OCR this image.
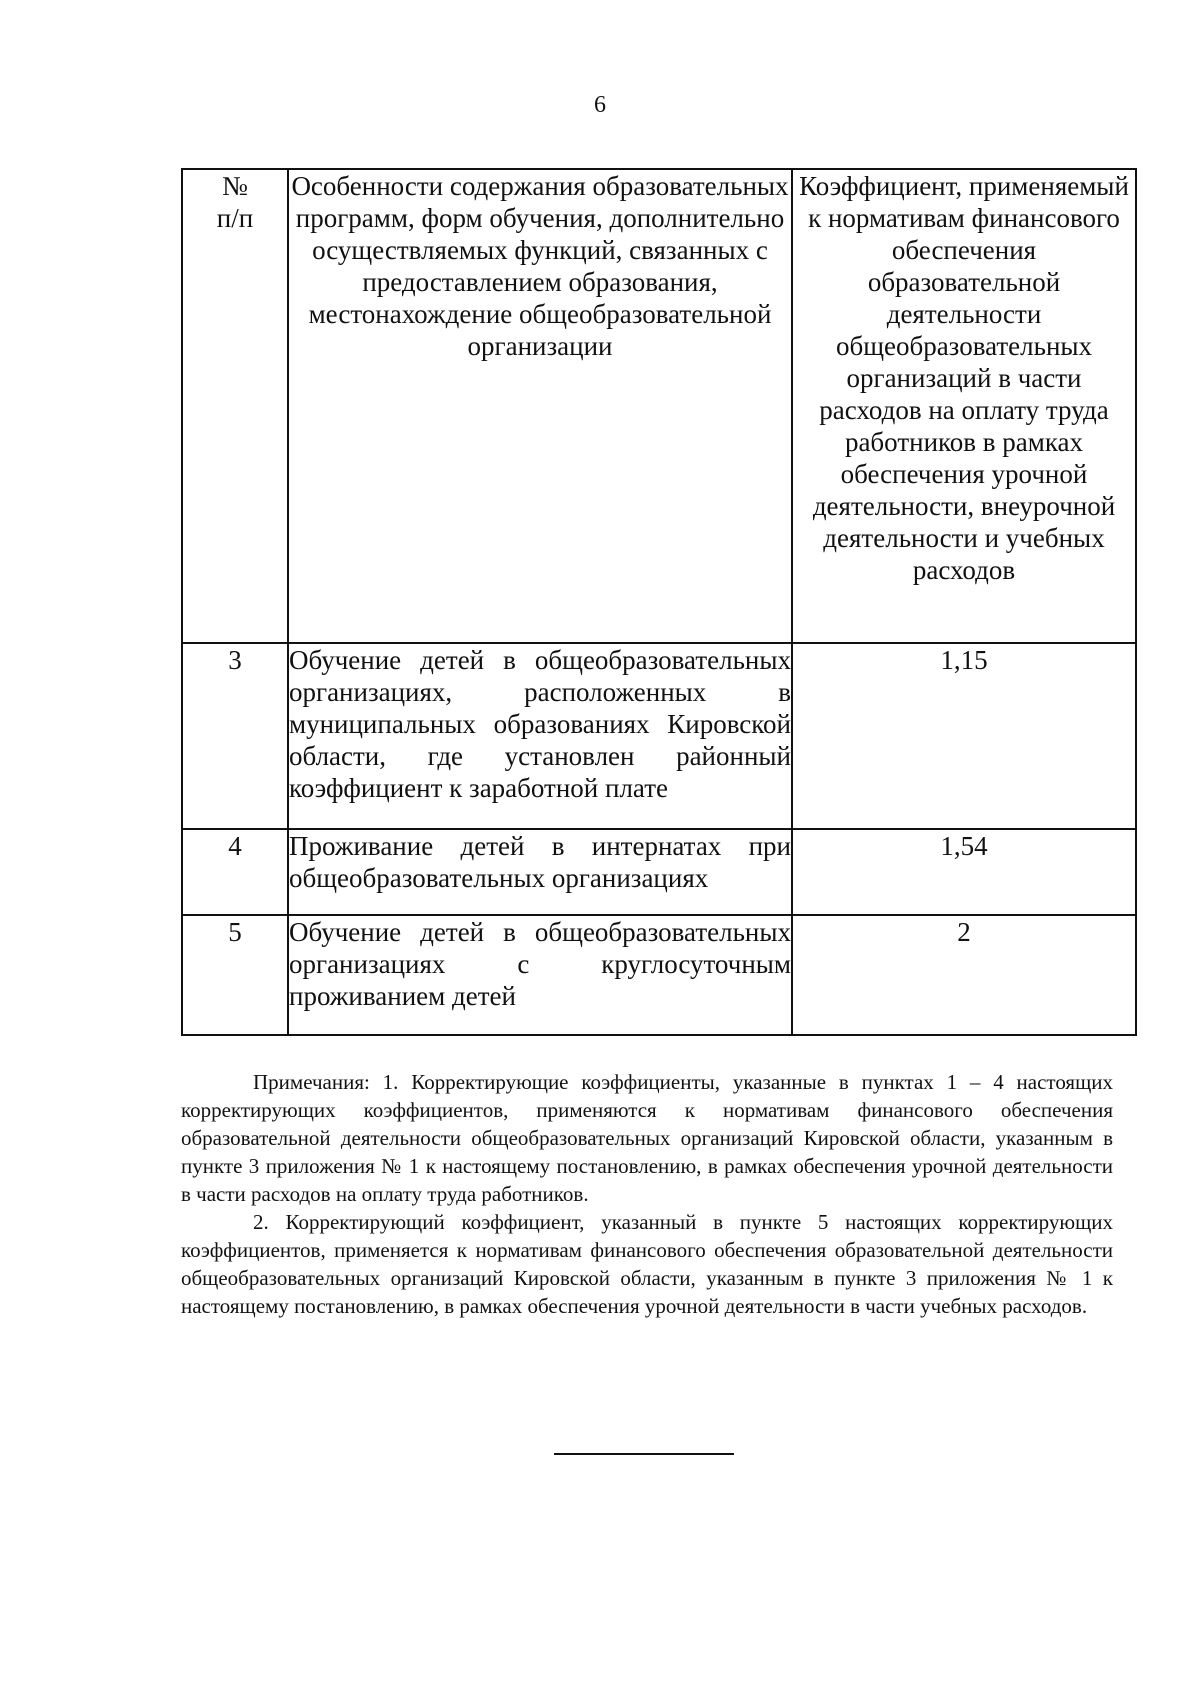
6
№ п/п	Особенности содержания образовательных программ, форм обучения, дополнительно осуществляемых функций, связанных с предоставлением образования, местонахождение общеобразовательной организации	Коэффициент, применяемый к нормативам финансового обеспечения образовательной деятельности общеобразовательных организаций в части расходов на оплату труда работников в рамках обеспечения урочной деятельности, внеурочной деятельности и учебных расходов
3	Обучение детей в общеобразовательных организациях, расположенных в муниципальных образованиях Кировской области, где установлен районный коэффициент к заработной плате	1,15
4	Проживание детей в интернатах при общеобразовательных организациях	1,54
5	Обучение детей в общеобразовательных организациях с круглосуточным проживанием детей	2

Примечания: 1. Корректирующие коэффициенты, указанные в пунктах 1 – 4 настоящих корректирующих коэффициентов, применяются к нормативам финансового обеспечения образовательной деятельности общеобразовательных организаций Кировской области, указанным в пункте 3 приложения № 1 к настоящему постановлению, в рамках обеспечения урочной деятельности в части расходов на оплату труда работников.

2. Корректирующий коэффициент, указанный в пункте 5 настоящих корректирующих коэффициентов, применяется к нормативам финансового обеспечения образовательной деятельности общеобразовательных организаций Кировской области, указанным в пункте 3 приложения № 1 к настоящему постановлению, в рамках обеспечения урочной деятельности в части учебных расходов.
